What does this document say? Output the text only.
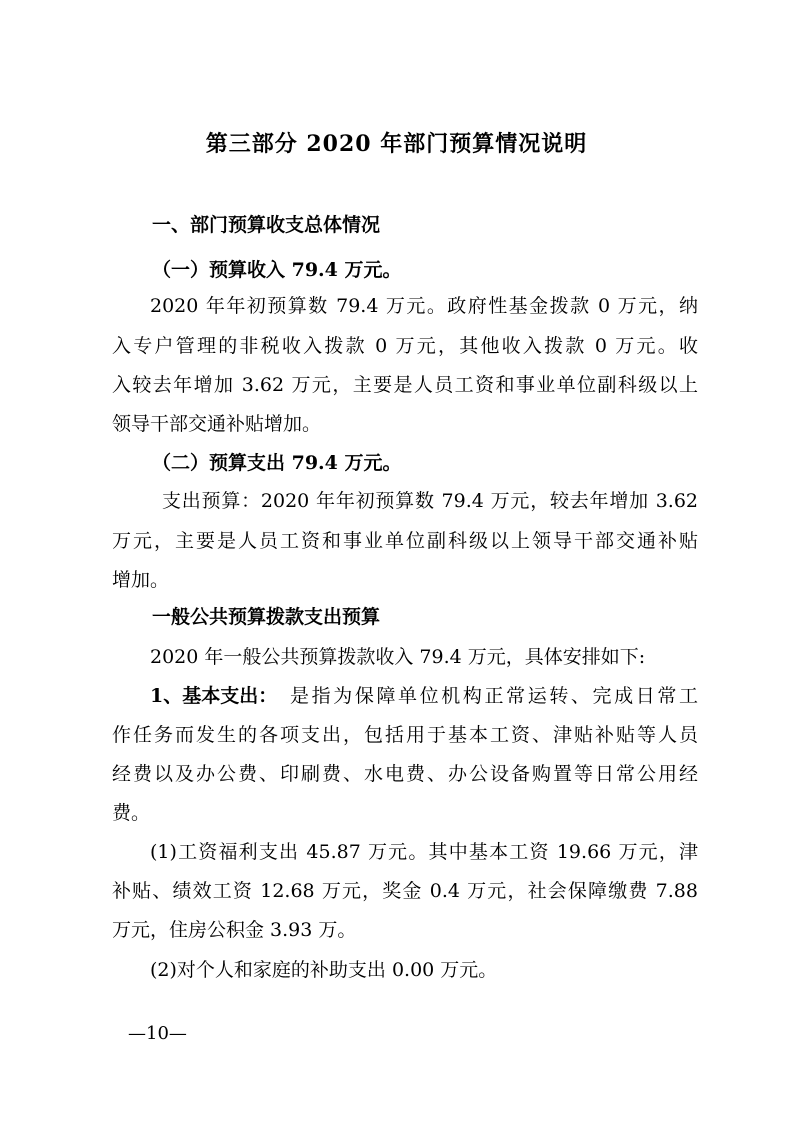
第三部分 2020 年部门预算情况说明
一、部门预算收支总体情况
（一）预算收入 79.4 万元。
2020 年年初预算数 79.4 万元。政府性基金拨款 0 万元，纳
入专户管理的非税收入拨款 0 万元，其他收入拨款 0 万元。收
入较去年增加 3.62 万元，主要是人员工资和事业单位副科级以上
领导干部交通补贴增加。
（二）预算支出 79.4 万元。
支出预算：2020 年年初预算数 79.4 万元，较去年增加 3.62
万元，主要是人员工资和事业单位副科级以上领导干部交通补贴
增加。
一般公共预算拨款支出预算
2020 年一般公共预算拨款收入 79.4 万元，具体安排如下:
1、基本支出： 是指为保障单位机构正常运转、完成日常工
作任务而发生的各项支出，包括用于基本工资、津贴补贴等人员
经费以及办公费、印刷费、水电费、办公设备购置等日常公用经
费。
(1)工资福利支出 45.87 万元。其中基本工资 19.66 万元，津
补贴、绩效工资 12.68 万元，奖金 0.4 万元，社会保障缴费 7.88
万元，住房公积金 3.93 万。
(2)对个人和家庭的补助支出 0.00 万元。
—10—
